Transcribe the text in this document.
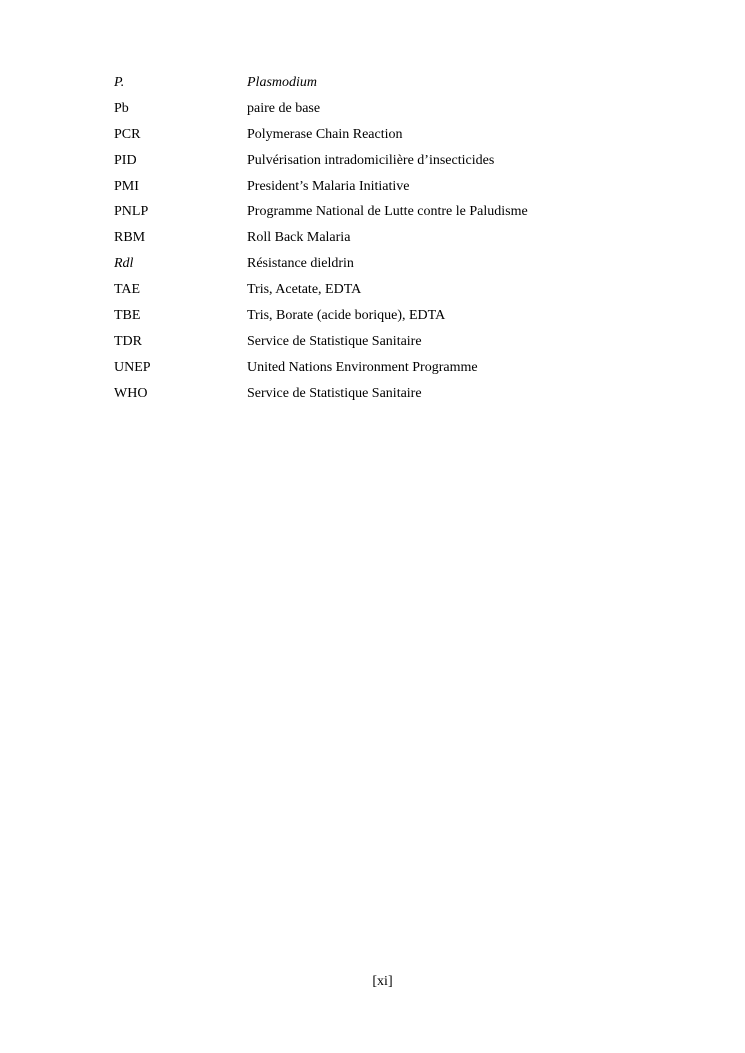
P.	Plasmodium
Pb	paire de base
PCR	Polymerase Chain Reaction
PID	Pulvérisation intradomicilière d’insecticides
PMI	President’s Malaria Initiative
PNLP	Programme National de Lutte contre le Paludisme
RBM	Roll Back Malaria
Rdl	Résistance dieldrin
TAE	Tris, Acetate, EDTA
TBE	Tris, Borate (acide borique), EDTA
TDR	Service de Statistique Sanitaire
UNEP	United Nations Environment Programme
WHO	Service de Statistique Sanitaire
[xi]
